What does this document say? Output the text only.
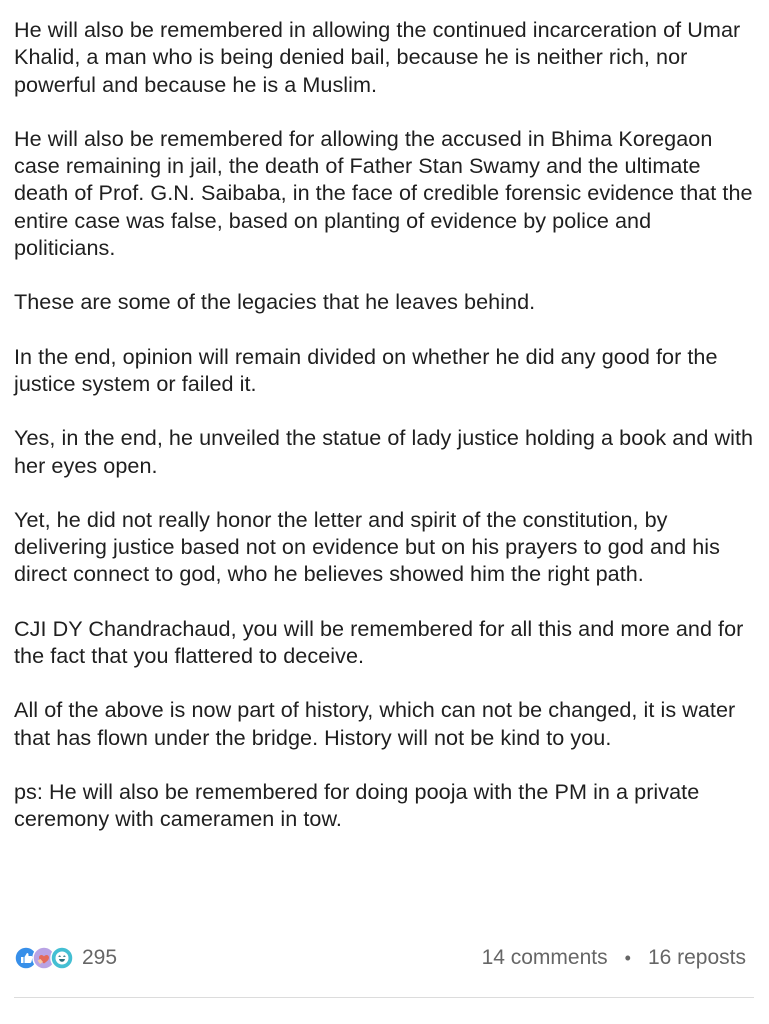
He will also be remembered in allowing the continued incarceration of Umar Khalid, a man who is being denied bail, because he is neither rich, nor powerful and because he is a Muslim.

He will also be remembered for allowing the accused in Bhima Koregaon case remaining in jail, the death of Father Stan Swamy and the ultimate death of Prof. G.N. Saibaba, in the face of credible forensic evidence that the entire case was false, based on planting of evidence by police and politicians.

These are some of the legacies that he leaves behind.

In the end, opinion will remain divided on whether he did any good for the justice system or failed it.

Yes, in the end, he unveiled the statue of lady justice holding a book and with her eyes open.

Yet, he did not really honor the letter and spirit of the constitution, by delivering justice based not on evidence but on his prayers to god and his direct connect to god, who he believes showed him the right path.

CJI DY Chandrachaud, you will be remembered for all this and more and for the fact that you flattered to deceive.

All of the above is now part of history, which can not be changed, it is water that has flown under the bridge. History will not be kind to you.

ps: He will also be remembered for doing pooja with the PM in a private ceremony with cameramen in tow.

295	14 comments • 16 reposts
